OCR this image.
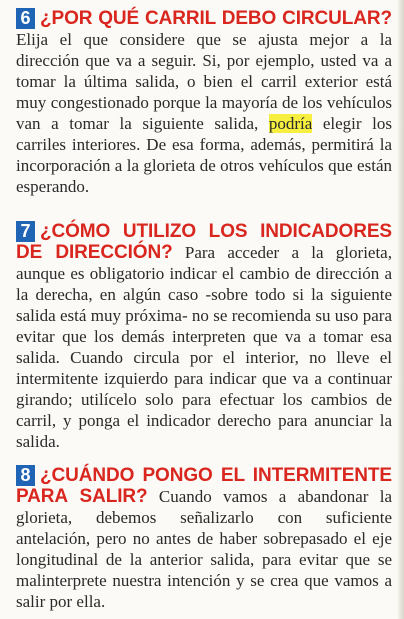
6 ¿POR QUÉ CARRIL DEBO CIRCULAR? Elija el que considere que se ajusta mejor a la dirección que va a seguir. Si, por ejemplo, usted va a tomar la última salida, o bien el carril exterior está muy congestionado porque la mayoría de los vehículos van a tomar la siguiente salida, podría elegir los carriles interiores. De esa forma, además, permitirá la incorporación a la glorieta de otros vehículos que están esperando.
7 ¿CÓMO UTILIZO LOS INDICADORES DE DIRECCIÓN? Para acceder a la glorieta, aunque es obligatorio indicar el cambio de dirección a la derecha, en algún caso -sobre todo si la siguiente salida está muy próxima- no se recomienda su uso para evitar que los demás interpreten que va a tomar esa salida. Cuando circula por el interior, no lleve el intermitente izquierdo para indicar que va a continuar girando; utilícelo solo para efectuar los cambios de carril, y ponga el indicador derecho para anunciar la salida.
8 ¿CUÁNDO PONGO EL INTERMITENTE PARA SALIR? Cuando vamos a abandonar la glorieta, debemos señalizarlo con suficiente antelación, pero no antes de haber sobrepasado el eje longitudinal de la anterior salida, para evitar que se malinterprete nuestra intención y se crea que vamos a salir por ella.
